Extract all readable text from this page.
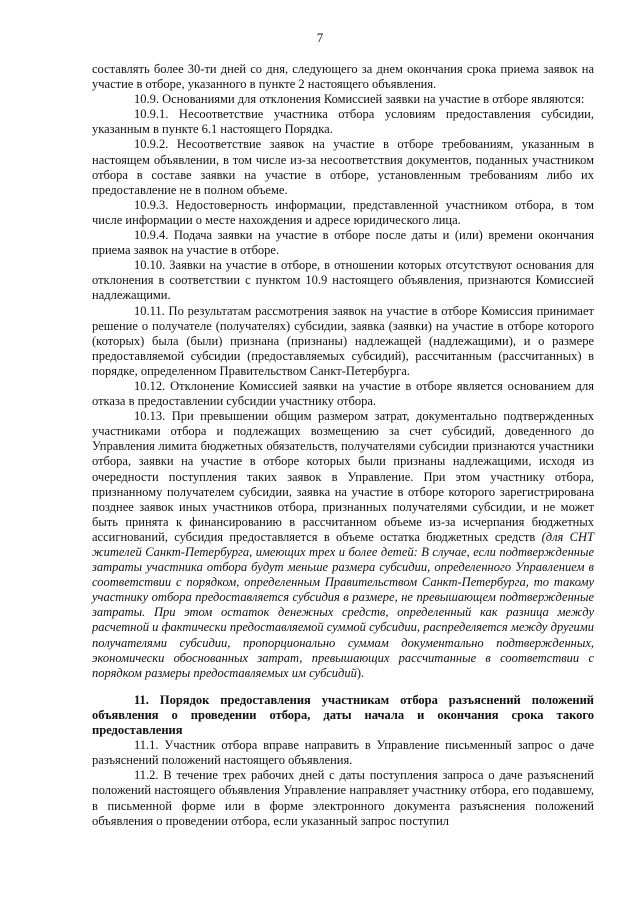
7

составлять более 30-ти дней со дня, следующего за днем окончания срока приема заявок на участие в отборе, указанного в пункте 2 настоящего объявления.

10.9. Основаниями для отклонения Комиссией заявки на участие в отборе являются:

10.9.1. Несоответствие участника отбора условиям предоставления субсидии, указанным в пункте 6.1 настоящего Порядка.

10.9.2. Несоответствие заявок на участие в отборе требованиям, указанным в настоящем объявлении, в том числе из-за несоответствия документов, поданных участником отбора в составе заявки на участие в отборе, установленным требованиям либо их предоставление не в полном объеме.

10.9.3. Недостоверность информации, представленной участником отбора, в том числе информации о месте нахождения и адресе юридического лица.

10.9.4. Подача заявки на участие в отборе после даты и (или) времени окончания приема заявок на участие в отборе.

10.10. Заявки на участие в отборе, в отношении которых отсутствуют основания для отклонения в соответствии с пунктом 10.9 настоящего объявления, признаются Комиссией надлежащими.

10.11. По результатам рассмотрения заявок на участие в отборе Комиссия принимает решение о получателе (получателях) субсидии, заявка (заявки) на участие в отборе которого (которых) была (были) признана (признаны) надлежащей (надлежащими), и о размере предоставляемой субсидии (предоставляемых субсидий), рассчитанным (рассчитанных) в порядке, определенном Правительством Санкт-Петербурга.

10.12. Отклонение Комиссией заявки на участие в отборе является основанием для отказа в предоставлении субсидии участнику отбора.

10.13. При превышении общим размером затрат, документально подтвержденных участниками отбора и подлежащих возмещению за счет субсидий, доведенного до Управления лимита бюджетных обязательств, получателями субсидии признаются участники отбора, заявки на участие в отборе которых были признаны надлежащими, исходя из очередности поступления таких заявок в Управление. При этом участнику отбора, признанному получателем субсидии, заявка на участие в отборе которого зарегистрирована позднее заявок иных участников отбора, признанных получателями субсидии, и не может быть принята к финансированию в рассчитанном объеме из-за исчерпания бюджетных ассигнований, субсидия предоставляется в объеме остатка бюджетных средств (для СНТ жителей Санкт-Петербурга, имеющих трех и более детей: В случае, если подтвержденные затраты участника отбора будут меньше размера субсидии, определенного Управлением в соответствии с порядком, определенным Правительством Санкт-Петербурга, то такому участнику отбора предоставляется субсидия в размере, не превышающем подтвержденные затраты. При этом остаток денежных средств, определенный как разница между расчетной и фактически предоставляемой суммой субсидии, распределяется между другими получателями субсидии, пропорционально суммам документально подтвержденных, экономически обоснованных затрат, превышающих рассчитанные в соответствии с порядком размеры предоставляемых им субсидий).

11. Порядок предоставления участникам отбора разъяснений положений объявления о проведении отбора, даты начала и окончания срока такого предоставления

11.1. Участник отбора вправе направить в Управление письменный запрос о даче разъяснений положений настоящего объявления.

11.2. В течение трех рабочих дней с даты поступления запроса о даче разъяснений положений настоящего объявления Управление направляет участнику отбора, его подавшему, в письменной форме или в форме электронного документа разъяснения положений объявления о проведении отбора, если указанный запрос поступил
